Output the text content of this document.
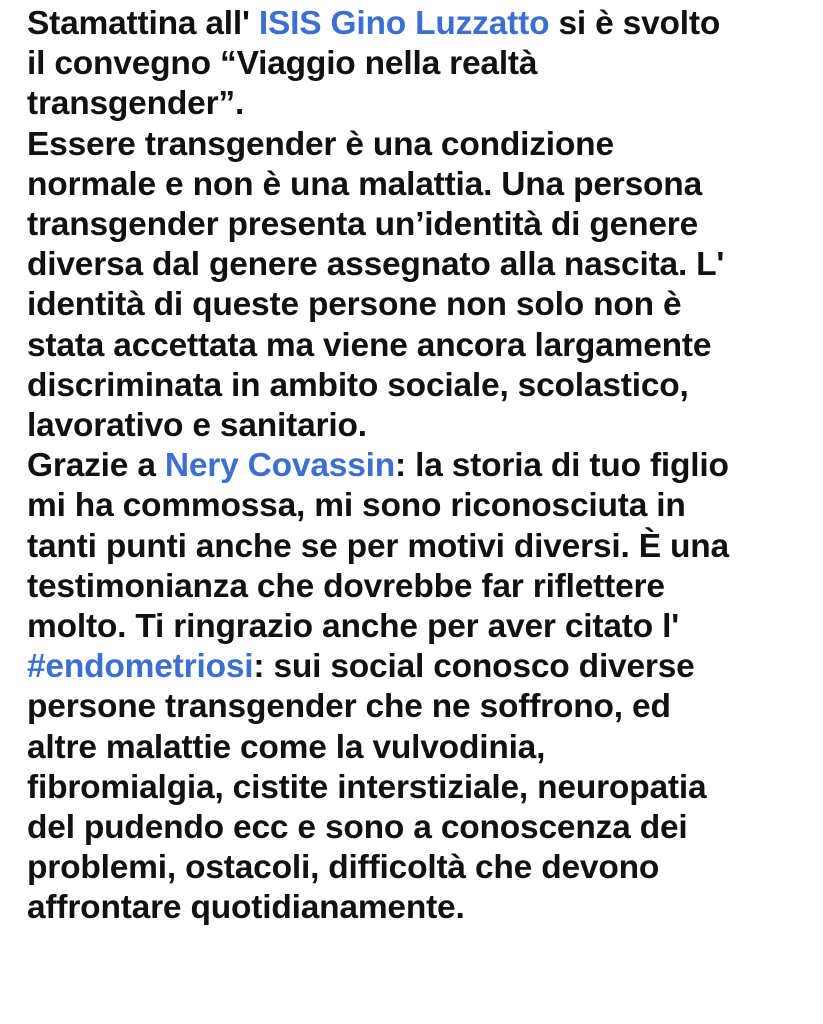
Stamattina all' ISIS Gino Luzzatto si è svolto
il convegno “Viaggio nella realtà
transgender”.
Essere transgender è una condizione
normale e non è una malattia. Una persona
transgender presenta un’identità di genere
diversa dal genere assegnato alla nascita. L'
identità di queste persone non solo non è
stata accettata ma viene ancora largamente
discriminata in ambito sociale, scolastico,
lavorativo e sanitario.
Grazie a Nery Covassin: la storia di tuo figlio
mi ha commossa, mi sono riconosciuta in
tanti punti anche se per motivi diversi. È una
testimonianza che dovrebbe far riflettere
molto. Ti ringrazio anche per aver citato l'
#endometriosi: sui social conosco diverse
persone transgender che ne soffrono, ed
altre malattie come la vulvodinia,
fibromialgia, cistite interstiziale, neuropatia
del pudendo ecc e sono a conoscenza dei
problemi, ostacoli, difficoltà che devono
affrontare quotidianamente.
